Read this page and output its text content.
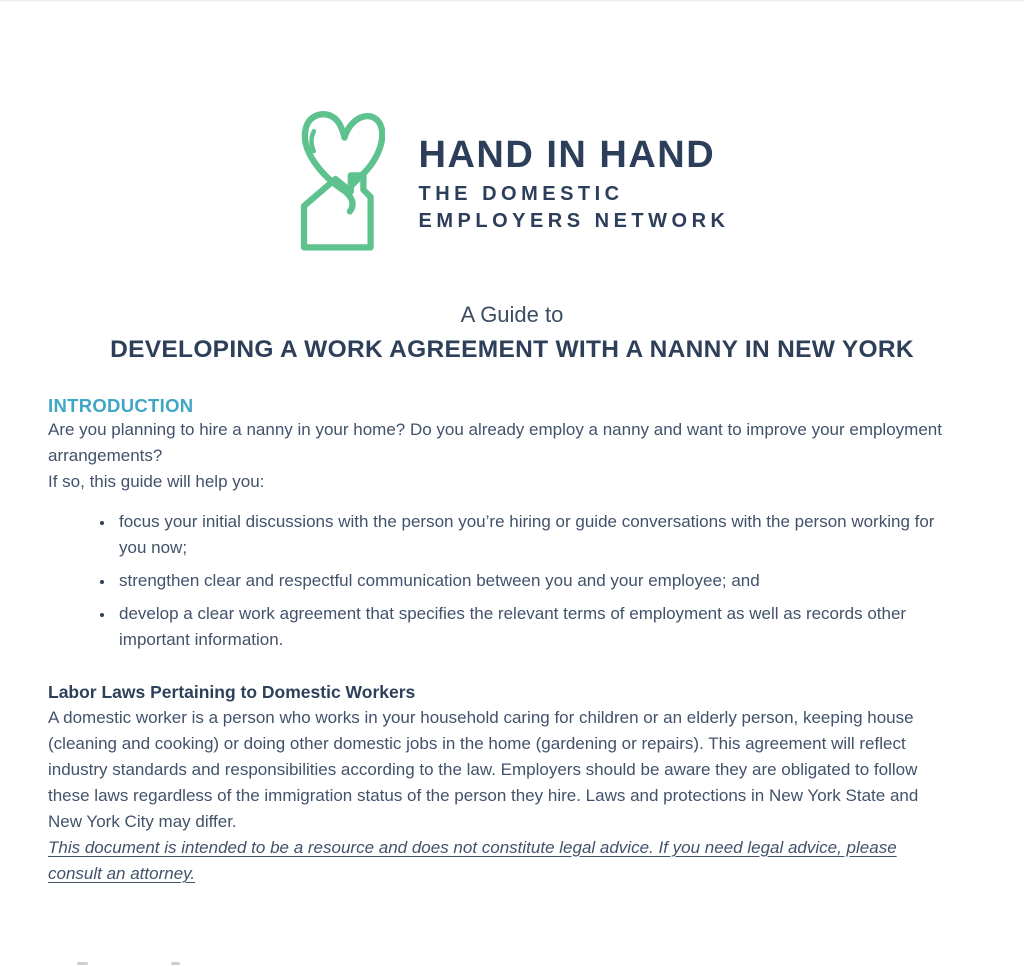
HAND IN HAND
THE DOMESTIC
EMPLOYERS NETWORK
A Guide to
DEVELOPING A WORK AGREEMENT WITH A NANNY IN NEW YORK
INTRODUCTION

Are you planning to hire a nanny in your home? Do you already employ a nanny and want to improve your employment arrangements?

If so, this guide will help you:

• focus your initial discussions with the person you’re hiring or guide conversations with the person working for you now;
• strengthen clear and respectful communication between you and your employee; and
• develop a clear work agreement that specifies the relevant terms of employment as well as records other important information.
Labor Laws Pertaining to Domestic Workers

A domestic worker is a person who works in your household caring for children or an elderly person, keeping house (cleaning and cooking) or doing other domestic jobs in the home (gardening or repairs). This agreement will reflect industry standards and responsibilities according to the law. Employers should be aware they are obligated to follow these laws regardless of the immigration status of the person they hire. Laws and protections in New York State and New York City may differ.

This document is intended to be a resource and does not constitute legal advice. If you need legal advice, please consult an attorney.
